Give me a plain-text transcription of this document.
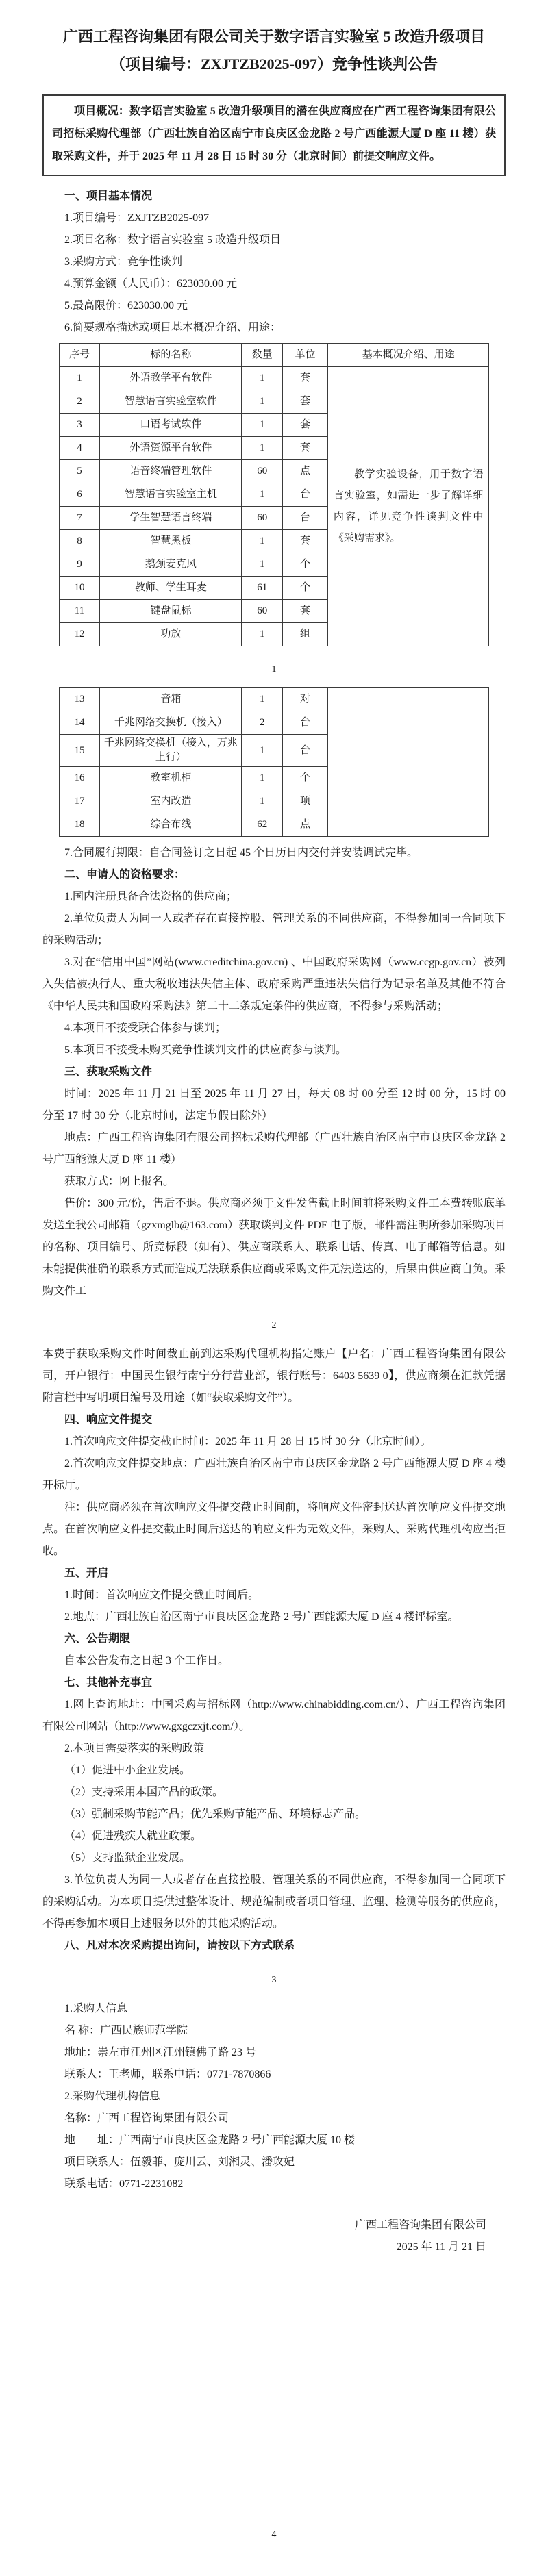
广西工程咨询集团有限公司关于数字语言实验室 5 改造升级项目
（项目编号：ZXJTZB2025-097）竞争性谈判公告

项目概况：数字语言实验室 5 改造升级项目的潜在供应商应在广西工程咨询集团有限公司招标采购代理部（广西壮族自治区南宁市良庆区金龙路 2 号广西能源大厦 D 座 11 楼）获取采购文件，并于 2025 年 11 月 28 日 15 时 30 分（北京时间）前提交响应文件。

一、项目基本情况

1.项目编号：ZXJTZB2025-097

2.项目名称：数字语言实验室 5 改造升级项目

3.采购方式：竞争性谈判

4.预算金额（人民币）：623030.00 元

5.最高限价：623030.00 元

6.简要规格描述或项目基本概况介绍、用途：

序号	标的名称	数量	单位	基本概况介绍、用途
1	外语教学平台软件	1	套	教学实验设备，用于数字语言实验室，如需进一步了解详细内容，详见竞争性谈判文件中《采购需求》。

2	智慧语言实验室软件	1	套	
3	口语考试软件	1	套	
4	外语资源平台软件	1	套	
5	语音终端管理软件	60	点	
6	智慧语言实验室主机	1	台	
7	学生智慧语言终端	60	台	
8	智慧黑板	1	套	
9	鹅颈麦克风	1	个	
10	教师、学生耳麦	61	个	
11	键盘鼠标	60	套	
12	功放	1	组	

1

13	音箱	1	对	
14	千兆网络交换机（接入）	2	台	
15	千兆网络交换机（接入，万兆上行）	1	台	
16	教室机柜	1	个	
17	室内改造	1	项	
18	综合布线	62	点	

7.合同履行期限：自合同签订之日起 45 个日历日内交付并安装调试完毕。

二、申请人的资格要求：

1.国内注册具备合法资格的供应商；

2.单位负责人为同一人或者存在直接控股、管理关系的不同供应商，不得参加同一合同项下的采购活动；

3.对在“信用中国”网站(www.creditchina.gov.cn) 、中国政府采购网（www.ccgp.gov.cn）被列入失信被执行人、重大税收违法失信主体、政府采购严重违法失信行为记录名单及其他不符合《中华人民共和国政府采购法》第二十二条规定条件的供应商，不得参与采购活动；

4.本项目不接受联合体参与谈判；

5.本项目不接受未购买竞争性谈判文件的供应商参与谈判。

三、获取采购文件

时间：2025 年 11 月 21 日至 2025 年 11 月 27 日，每天 08 时 00 分至 12 时 00 分，15 时 00 分至 17 时 30 分（北京时间，法定节假日除外）

地点：广西工程咨询集团有限公司招标采购代理部（广西壮族自治区南宁市良庆区金龙路 2 号广西能源大厦 D 座 11 楼）

获取方式：网上报名。

售价：300 元/份，售后不退。供应商必须于文件发售截止时间前将采购文件工本费转账底单发送至我公司邮箱（gzxmglb@163.com）获取谈判文件 PDF 电子版，邮件需注明所参加采购项目的名称、项目编号、所竞标段（如有）、供应商联系人、联系电话、传真、电子邮箱等信息。如未能提供准确的联系方式而造成无法联系供应商或采购文件无法送达的，后果由供应商自负。采购文件工

2

本费于获取采购文件时间截止前到达采购代理机构指定账户【户名：广西工程咨询集团有限公司，开户银行：中国民生银行南宁分行营业部，银行账号：6403 5639 0】，供应商须在汇款凭据附言栏中写明项目编号及用途（如“获取采购文件”）。

四、响应文件提交

1.首次响应文件提交截止时间：2025 年 11 月 28 日 15 时 30 分（北京时间）。

2.首次响应文件提交地点：广西壮族自治区南宁市良庆区金龙路 2 号广西能源大厦 D 座 4 楼开标厅。

注：供应商必须在首次响应文件提交截止时间前，将响应文件密封送达首次响应文件提交地点。在首次响应文件提交截止时间后送达的响应文件为无效文件，采购人、采购代理机构应当拒收。

五、开启

1.时间：首次响应文件提交截止时间后。

2.地点：广西壮族自治区南宁市良庆区金龙路 2 号广西能源大厦 D 座 4 楼评标室。

六、公告期限

自本公告发布之日起 3 个工作日。

七、其他补充事宜

1.网上查询地址：中国采购与招标网（http://www.chinabidding.com.cn/）、广西工程咨询集团有限公司网站（http://www.gxgczxjt.com/）。

2.本项目需要落实的采购政策

（1）促进中小企业发展。

（2）支持采用本国产品的政策。

（3）强制采购节能产品；优先采购节能产品、环境标志产品。

（4）促进残疾人就业政策。

（5）支持监狱企业发展。

3.单位负责人为同一人或者存在直接控股、管理关系的不同供应商，不得参加同一合同项下的采购活动。为本项目提供过整体设计、规范编制或者项目管理、监理、检测等服务的供应商，不得再参加本项目上述服务以外的其他采购活动。

八、凡对本次采购提出询问，请按以下方式联系

3

1.采购人信息

名 称：广西民族师范学院

地址：崇左市江州区江州镇佛子路 23 号

联系人：王老师，联系电话：0771-7870866

2.采购代理机构信息

名称：广西工程咨询集团有限公司

地　　址：广西南宁市良庆区金龙路 2 号广西能源大厦 10 楼

项目联系人：伍毅菲、庞川云、刘湘灵、潘玫妃

联系电话：0771-2231082

广西工程咨询集团有限公司

2025 年 11 月 21 日

4
